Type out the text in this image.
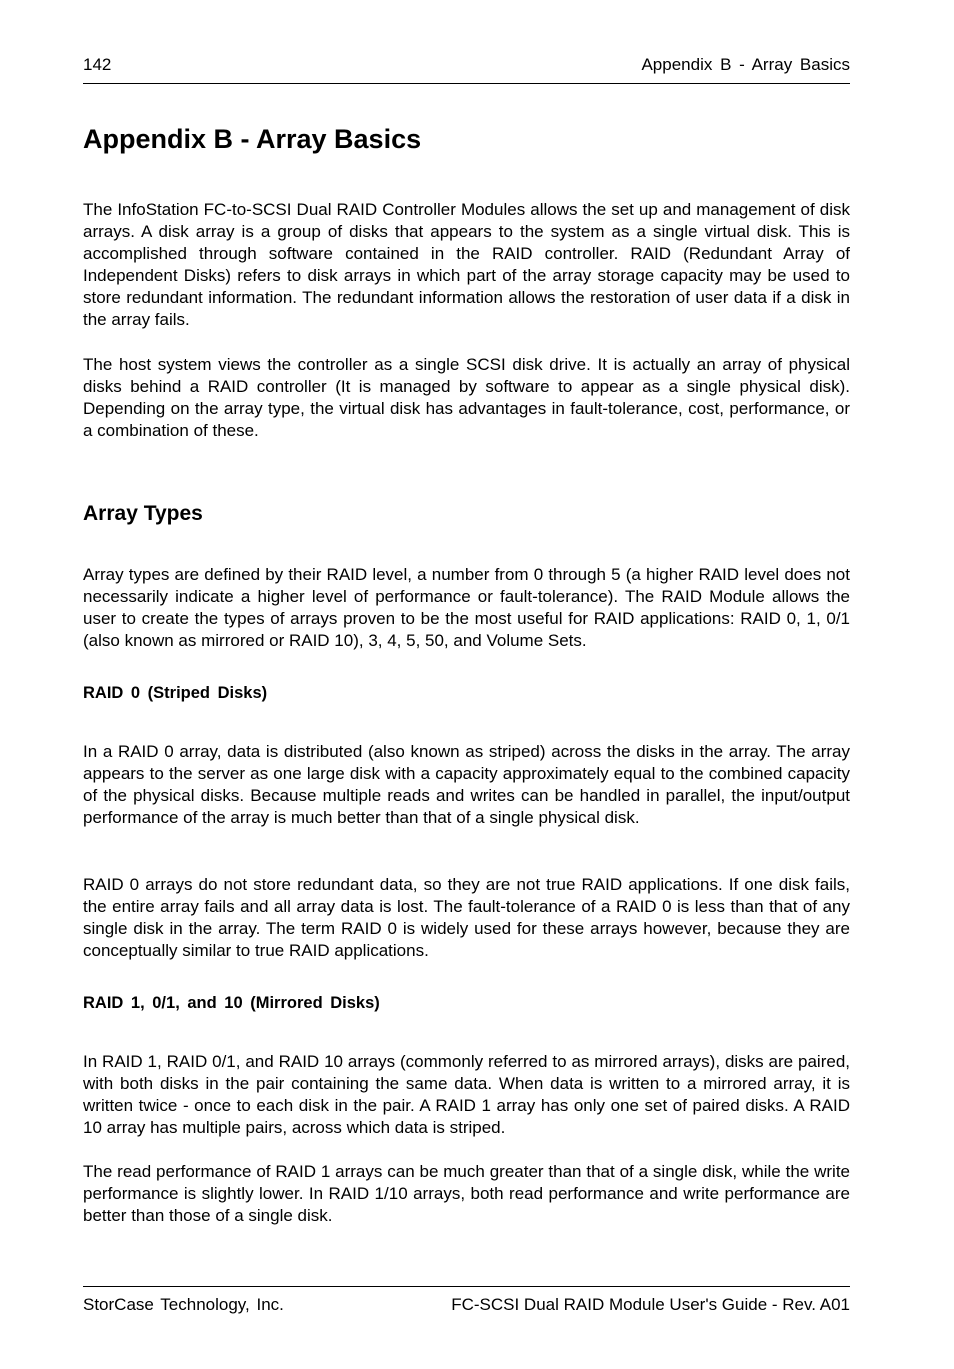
142	Appendix B - Array Basics
Appendix B - Array Basics

The InfoStation FC-to-SCSI Dual RAID Controller Modules allows the set up and management of disk arrays. A disk array is a group of disks that appears to the system as a single virtual disk. This is accomplished through software contained in the RAID controller. RAID (Redundant Array of Independent Disks) refers to disk arrays in which part of the array storage capacity may be used to store redundant information. The redundant information allows the restoration of user data if a disk in the array fails.

The host system views the controller as a single SCSI disk drive. It is actually an array of physical disks behind a RAID controller (It is managed by software to appear as a single physical disk). Depending on the array type, the virtual disk has advantages in fault-tolerance, cost, performance, or a combination of these.

Array Types

Array types are defined by their RAID level, a number from 0 through 5 (a higher RAID level does not necessarily indicate a higher level of performance or fault-tolerance). The RAID Module allows the user to create the types of arrays proven to be the most useful for RAID applications: RAID 0, 1, 0/1 (also known as mirrored or RAID 10), 3, 4, 5, 50, and Volume Sets.

RAID 0 (Striped Disks)

In a RAID 0 array, data is distributed (also known as striped) across the disks in the array. The array appears to the server as one large disk with a capacity approximately equal to the combined capacity of the physical disks. Because multiple reads and writes can be handled in parallel, the input/output performance of the array is much better than that of a single physical disk.

RAID 0 arrays do not store redundant data, so they are not true RAID applications. If one disk fails, the entire array fails and all array data is lost. The fault-tolerance of a RAID 0 is less than that of any single disk in the array. The term RAID 0 is widely used for these arrays however, because they are conceptually similar to true RAID applications.

RAID 1, 0/1, and 10 (Mirrored Disks)

In RAID 1, RAID 0/1, and RAID 10 arrays (commonly referred to as mirrored arrays), disks are paired, with both disks in the pair containing the same data. When data is written to a mirrored array, it is written twice - once to each disk in the pair. A RAID 1 array has only one set of paired disks. A RAID 10 array has multiple pairs, across which data is striped.

The read performance of RAID 1 arrays can be much greater than that of a single disk, while the write performance is slightly lower. In RAID 1/10 arrays, both read performance and write performance are better than those of a single disk.

StorCase Technology, Inc.	FC-SCSI Dual RAID Module User's Guide - Rev. A01
